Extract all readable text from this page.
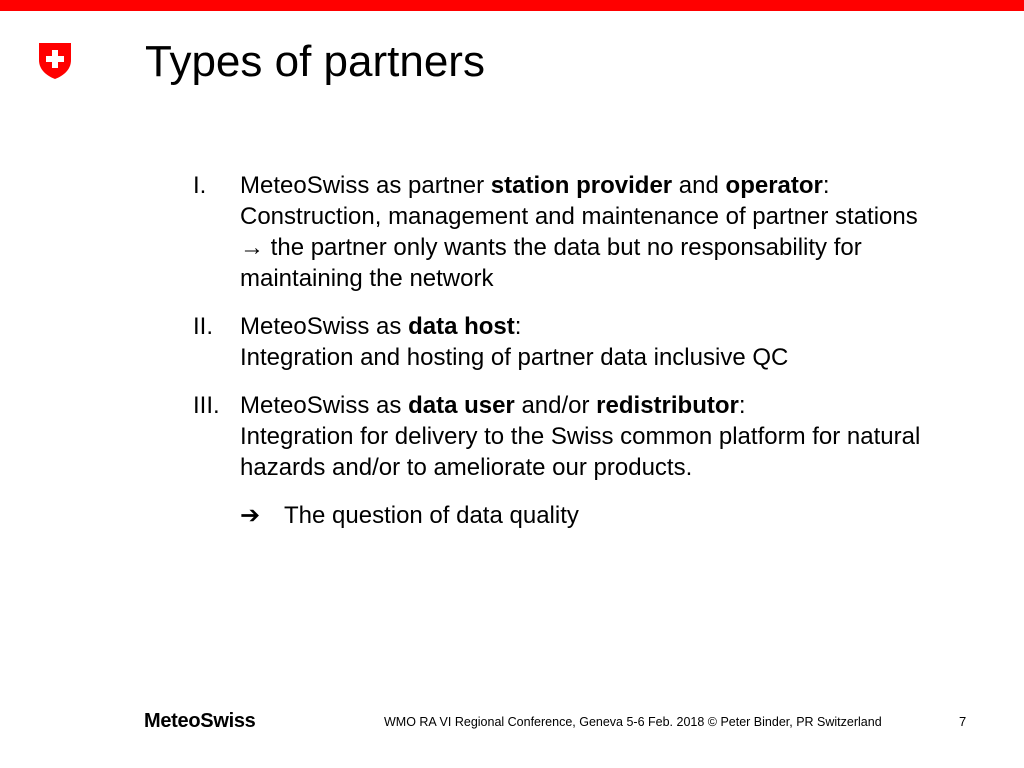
Types of partners
I. MeteoSwiss as partner station provider and operator:
Construction, management and maintenance of partner stations
→ the partner only wants the data but no responsability for
maintaining the network
II. MeteoSwiss as data host:
Integration and hosting of partner data inclusive QC
III. MeteoSwiss as data user and/or redistributor:
Integration for delivery to the Swiss common platform for natural
hazards and/or to ameliorate our products.
➔ The question of data quality
MeteoSwiss	WMO RA VI Regional Conference, Geneva 5-6 Feb. 2018 © Peter Binder, PR Switzerland	7
